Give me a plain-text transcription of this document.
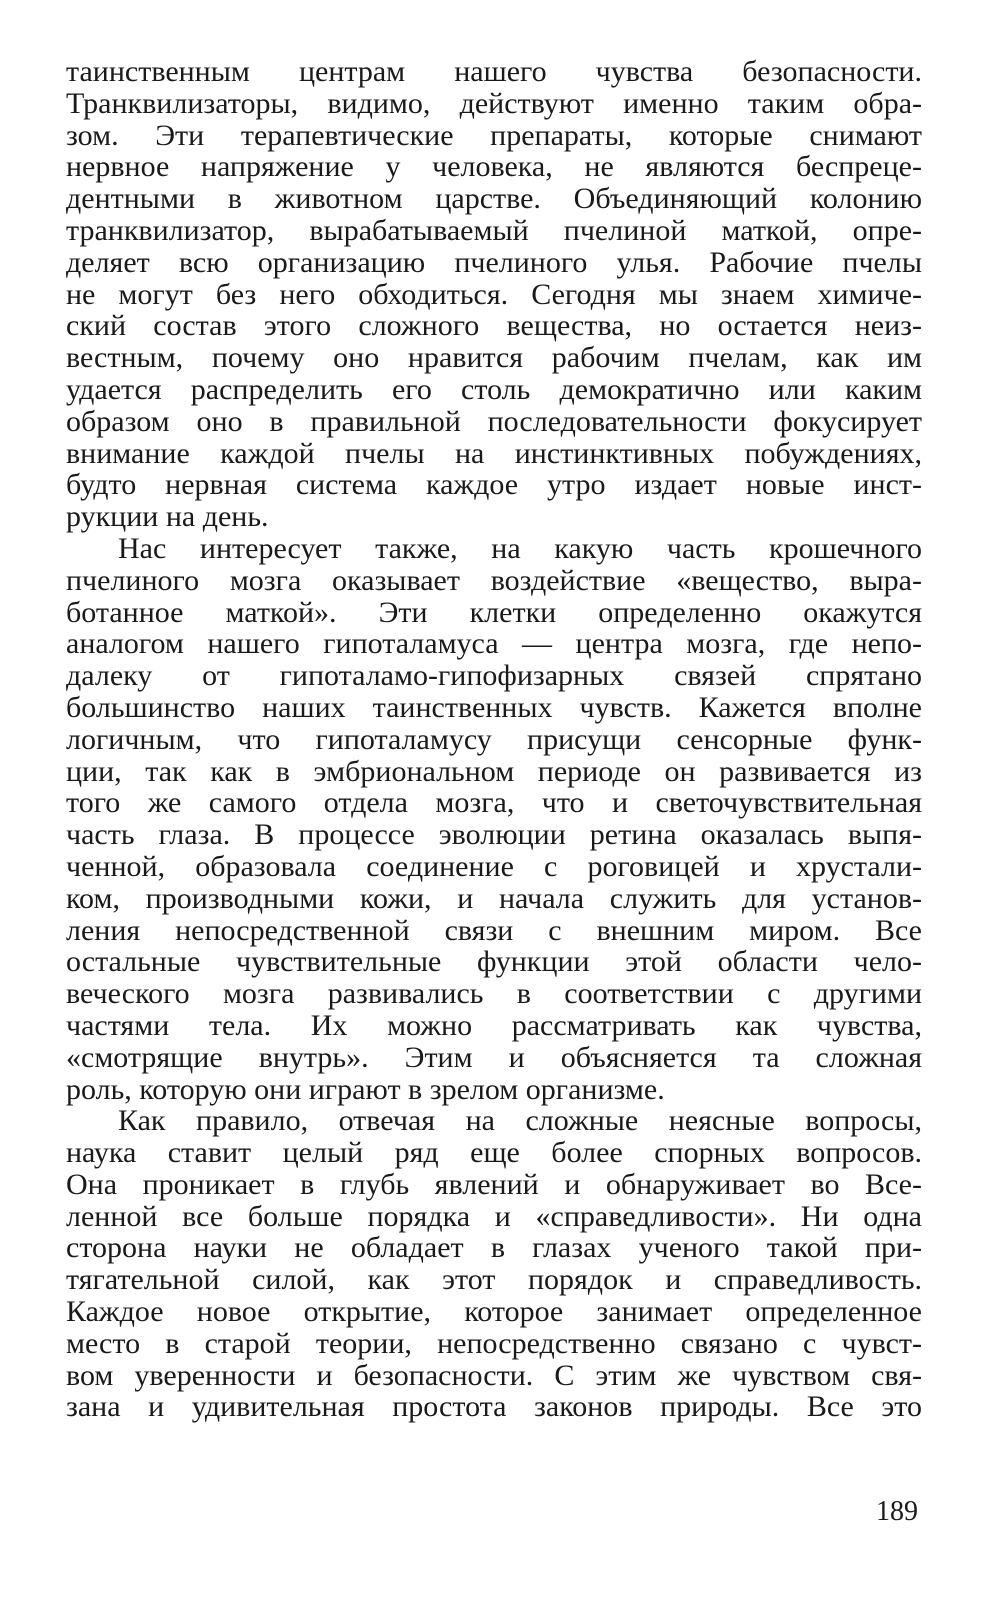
таинственным центрам нашего чувства безопасности.
Транквилизаторы, видимо, действуют именно таким обра-
зом. Эти терапевтические препараты, которые снимают
нервное напряжение у человека, не являются беспреце-
дентными в животном царстве. Объединяющий колонию
транквилизатор, вырабатываемый пчелиной маткой, опре-
деляет всю организацию пчелиного улья. Рабочие пчелы
не могут без него обходиться. Сегодня мы знаем химиче-
ский состав этого сложного вещества, но остается неиз-
вестным, почему оно нравится рабочим пчелам, как им
удается распределить его столь демократично или каким
образом оно в правильной последовательности фокусирует
внимание каждой пчелы на инстинктивных побуждениях,
будто нервная система каждое утро издает новые инст-
рукции на день.
Нас интересует также, на какую часть крошечного
пчелиного мозга оказывает воздействие «вещество, выра-
ботанное маткой». Эти клетки определенно окажутся
аналогом нашего гипоталамуса — центра мозга, где непо-
далеку от гипоталамо-гипофизарных связей спрятано
большинство наших таинственных чувств. Кажется вполне
логичным, что гипоталамусу присущи сенсорные функ-
ции, так как в эмбриональном периоде он развивается из
того же самого отдела мозга, что и светочувствительная
часть глаза. В процессе эволюции ретина оказалась выпя-
ченной, образовала соединение с роговицей и хрустали-
ком, производными кожи, и начала служить для установ-
ления непосредственной связи с внешним миром. Все
остальные чувствительные функции этой области чело-
веческого мозга развивались в соответствии с другими
частями тела. Их можно рассматривать как чувства,
«смотрящие внутрь». Этим и объясняется та сложная
роль, которую они играют в зрелом организме.
Как правило, отвечая на сложные неясные вопросы,
наука ставит целый ряд еще более спорных вопросов.
Она проникает в глубь явлений и обнаруживает во Все-
ленной все больше порядка и «справедливости». Ни одна
сторона науки не обладает в глазах ученого такой при-
тягательной силой, как этот порядок и справедливость.
Каждое новое открытие, которое занимает определенное
место в старой теории, непосредственно связано с чувст-
вом уверенности и безопасности. С этим же чувством свя-
зана и удивительная простота законов природы. Все это
189
